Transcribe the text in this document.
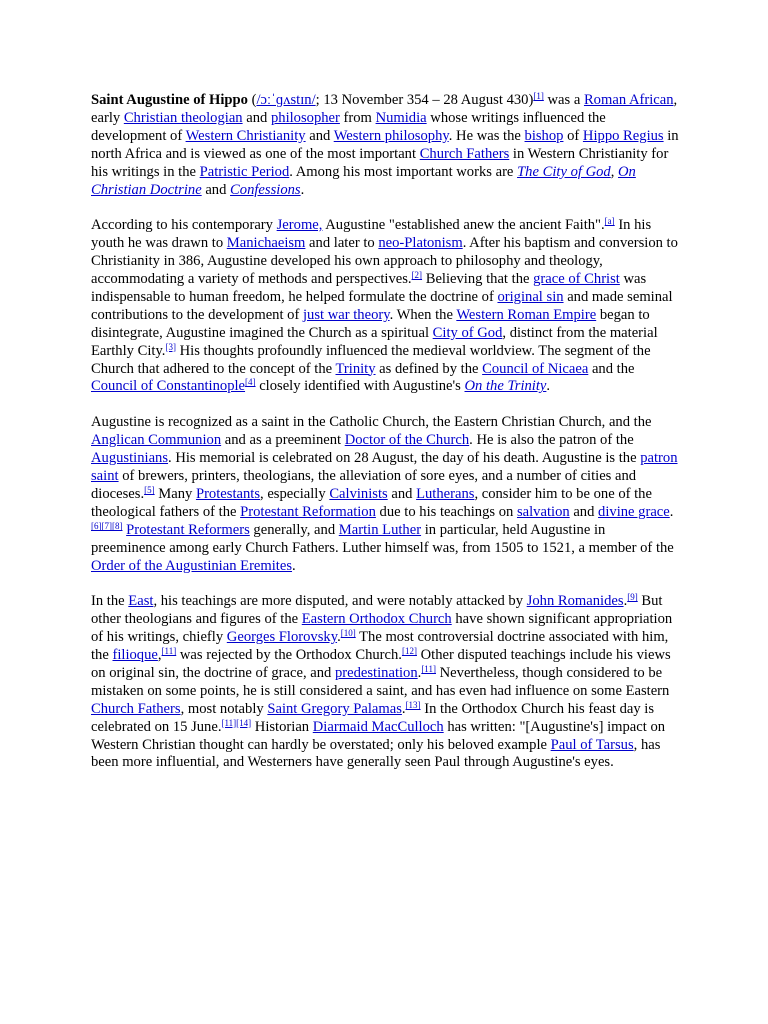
Saint Augustine of Hippo (/ɔːˈɡʌstɪn/; 13 November 354 – 28 August 430)[1] was a Roman African, early Christian theologian and philosopher from Numidia whose writings influenced the development of Western Christianity and Western philosophy. He was the bishop of Hippo Regius in north Africa and is viewed as one of the most important Church Fathers in Western Christianity for his writings in the Patristic Period. Among his most important works are The City of God, On Christian Doctrine and Confessions.

According to his contemporary Jerome, Augustine "established anew the ancient Faith".[a] In his youth he was drawn to Manichaeism and later to neo-Platonism. After his baptism and conversion to Christianity in 386, Augustine developed his own approach to philosophy and theology, accommodating a variety of methods and perspectives.[2] Believing that the grace of Christ was indispensable to human freedom, he helped formulate the doctrine of original sin and made seminal contributions to the development of just war theory. When the Western Roman Empire began to disintegrate, Augustine imagined the Church as a spiritual City of God, distinct from the material Earthly City.[3] His thoughts profoundly influenced the medieval worldview. The segment of the Church that adhered to the concept of the Trinity as defined by the Council of Nicaea and the Council of Constantinople[4] closely identified with Augustine's On the Trinity.

Augustine is recognized as a saint in the Catholic Church, the Eastern Christian Church, and the Anglican Communion and as a preeminent Doctor of the Church. He is also the patron of the Augustinians. His memorial is celebrated on 28 August, the day of his death. Augustine is the patron saint of brewers, printers, theologians, the alleviation of sore eyes, and a number of cities and dioceses.[5] Many Protestants, especially Calvinists and Lutherans, consider him to be one of the theological fathers of the Protestant Reformation due to his teachings on salvation and divine grace.[6][7][8] Protestant Reformers generally, and Martin Luther in particular, held Augustine in preeminence among early Church Fathers. Luther himself was, from 1505 to 1521, a member of the Order of the Augustinian Eremites.

In the East, his teachings are more disputed, and were notably attacked by John Romanides.[9] But other theologians and figures of the Eastern Orthodox Church have shown significant appropriation of his writings, chiefly Georges Florovsky.[10] The most controversial doctrine associated with him, the filioque,[11] was rejected by the Orthodox Church.[12] Other disputed teachings include his views on original sin, the doctrine of grace, and predestination.[11] Nevertheless, though considered to be mistaken on some points, he is still considered a saint, and has even had influence on some Eastern Church Fathers, most notably Saint Gregory Palamas.[13] In the Orthodox Church his feast day is celebrated on 15 June.[11][14] Historian Diarmaid MacCulloch has written: "[Augustine's] impact on Western Christian thought can hardly be overstated; only his beloved example Paul of Tarsus, has been more influential, and Westerners have generally seen Paul through Augustine's eyes.
